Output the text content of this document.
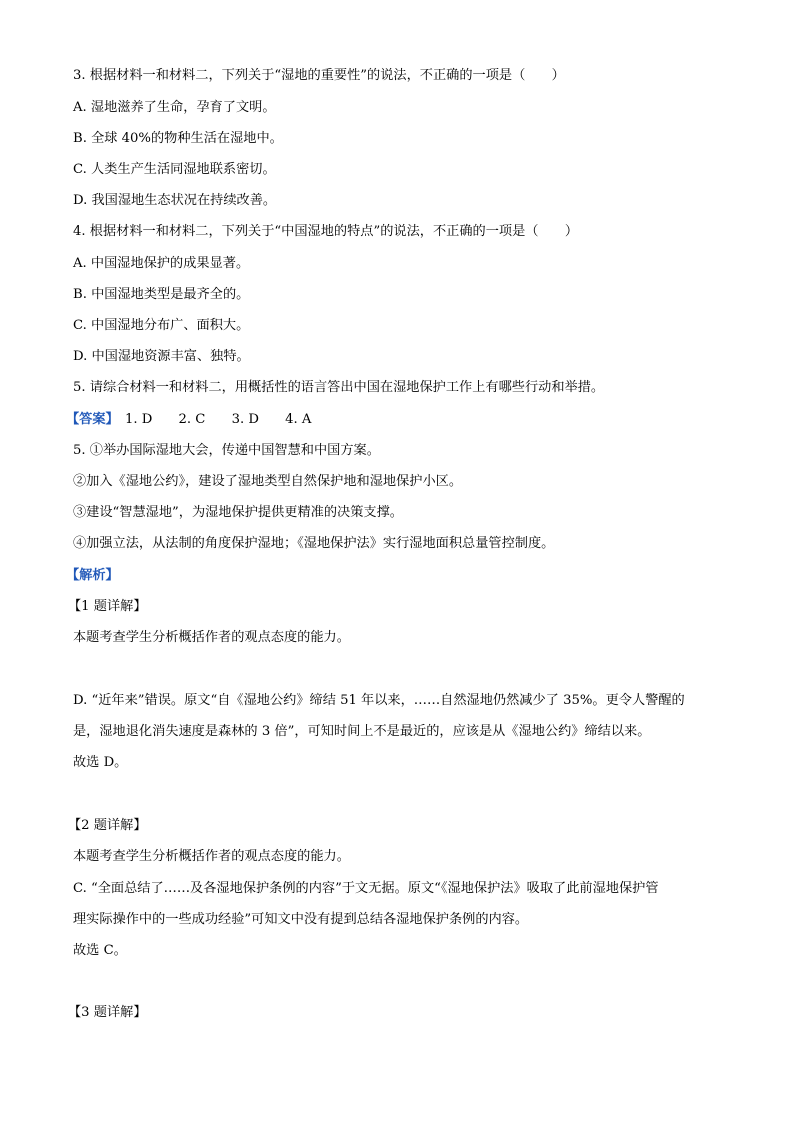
3. 根据材料一和材料二，下列关于“湿地的重要性”的说法，不正确的一项是（　　）
A. 湿地滋养了生命，孕育了文明。
B. 全球 40%的物种生活在湿地中。
C. 人类生产生活同湿地联系密切。
D. 我国湿地生态状况在持续改善。
4. 根据材料一和材料二，下列关于“中国湿地的特点”的说法，不正确的一项是（　　）
A. 中国湿地保护的成果显著。
B. 中国湿地类型是最齐全的。
C. 中国湿地分布广、面积大。
D. 中国湿地资源丰富、独特。
5. 请综合材料一和材料二，用概括性的语言答出中国在湿地保护工作上有哪些行动和举措。
【答案】 1. D 2. C 3. D 4. A
5. ①举办国际湿地大会，传递中国智慧和中国方案。
②加入《湿地公约》，建设了湿地类型自然保护地和湿地保护小区。
③建设“智慧湿地”，为湿地保护提供更精准的决策支撑。
④加强立法，从法制的角度保护湿地；《湿地保护法》实行湿地面积总量管控制度。
【解析】
【1 题详解】
本题考查学生分析概括作者的观点态度的能力。
D. “近年来”错误。原文“自《湿地公约》缔结 51 年以来，……自然湿地仍然减少了 35%。更令人警醒的
是，湿地退化消失速度是森林的 3 倍”，可知时间上不是最近的，应该是从《湿地公约》缔结以来。
故选 D。
【2 题详解】
本题考查学生分析概括作者的观点态度的能力。
C. “全面总结了……及各湿地保护条例的内容”于文无据。原文“《湿地保护法》吸取了此前湿地保护管
理实际操作中的一些成功经验”可知文中没有提到总结各湿地保护条例的内容。
故选 C。
【3 题详解】
